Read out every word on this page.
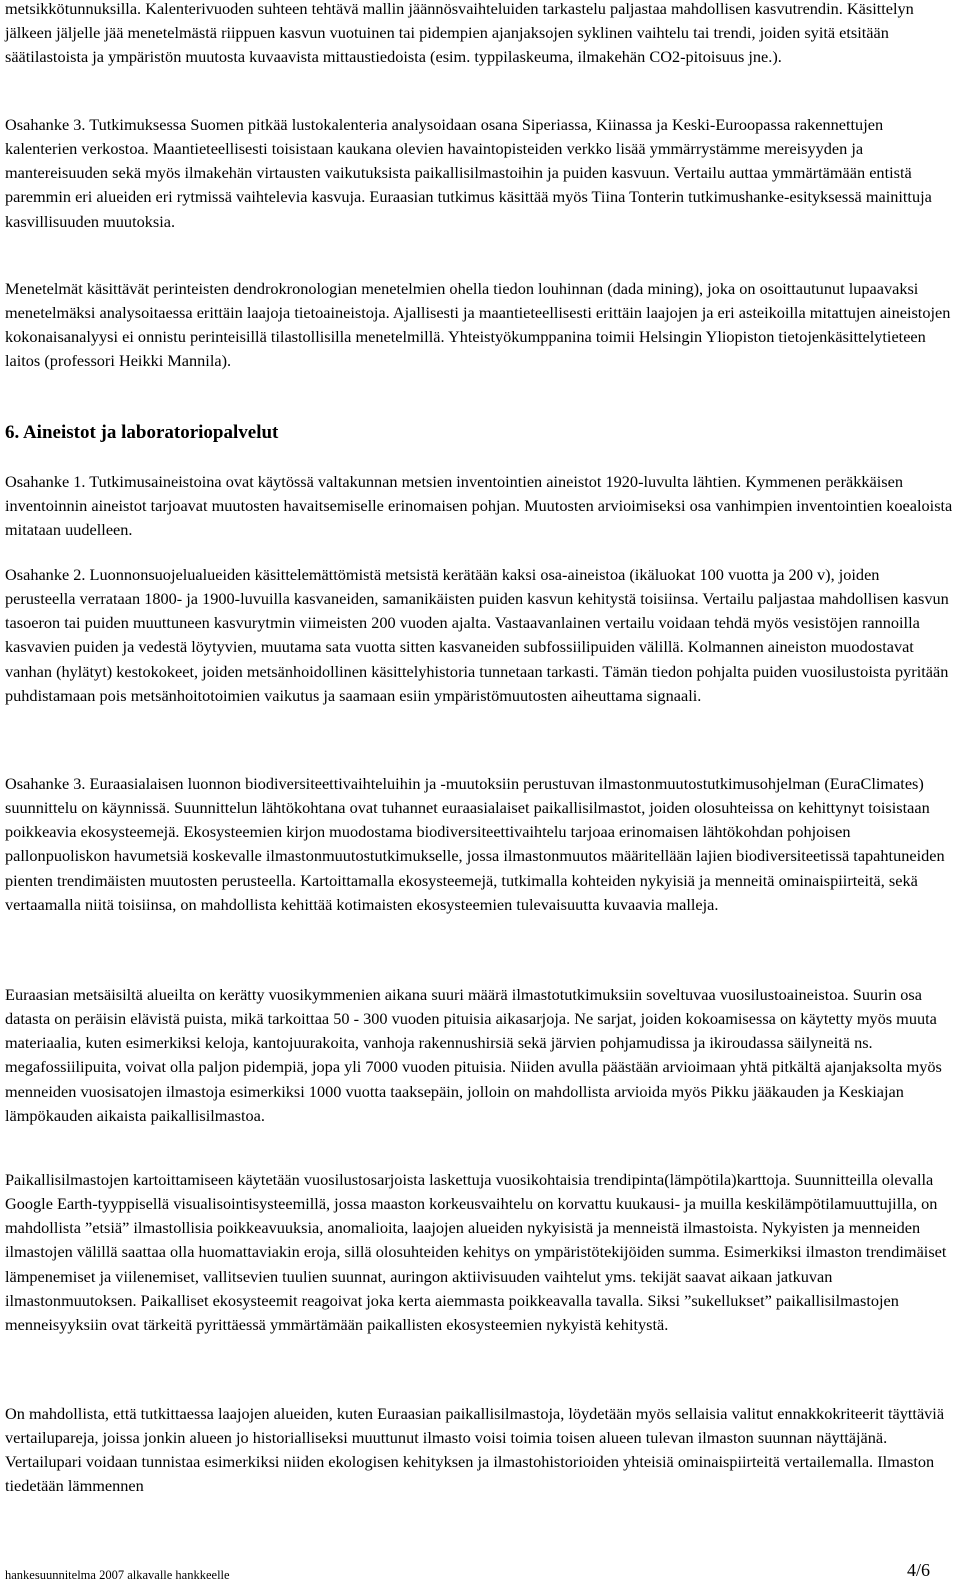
metsikkötunnuksilla. Kalenterivuoden suhteen tehtävä mallin jäännösvaihteluiden tarkastelu paljastaa mahdollisen kasvutrendin. Käsittelyn jälkeen jäljelle jää menetelmästä riippuen kasvun vuotuinen tai pidempien ajanjaksojen syklinen vaihtelu tai trendi, joiden syitä etsitään säätilastoista ja ympäristön muutosta kuvaavista mittaustiedoista (esim. typpilaskeuma, ilmakehän CO2-pitoisuus jne.).

Osahanke 3. Tutkimuksessa Suomen pitkää lustokalenteria analysoidaan osana Siperiassa, Kiinassa ja Keski-Euroopassa rakennettujen kalenterien verkostoa. Maantieteellisesti toisistaan kaukana olevien havaintopisteiden verkko lisää ymmärrystämme mereisyyden ja mantereisuuden sekä myös ilmakehän virtausten vaikutuksista paikallisilmastoihin ja puiden kasvuun. Vertailu auttaa ymmärtämään entistä paremmin eri alueiden eri rytmissä vaihtelevia kasvuja. Euraasian tutkimus käsittää myös Tiina Tonterin tutkimushanke-esityksessä mainittuja kasvillisuuden muutoksia.

Menetelmät käsittävät perinteisten dendrokronologian menetelmien ohella tiedon louhinnan (dada mining), joka on osoittautunut lupaavaksi menetelmäksi analysoitaessa erittäin laajoja tietoaineistoja. Ajallisesti ja maantieteellisesti erittäin laajojen ja eri asteikoilla mitattujen aineistojen kokonaisanalyysi ei onnistu perinteisillä tilastollisilla menetelmillä. Yhteistyökumppanina toimii Helsingin Yliopiston tietojenkäsittelytieteen laitos (professori Heikki Mannila).

6. Aineistot ja laboratoriopalvelut

Osahanke 1. Tutkimusaineistoina ovat käytössä valtakunnan metsien inventointien aineistot 1920-luvulta lähtien. Kymmenen peräkkäisen inventoinnin aineistot tarjoavat muutosten havaitsemiselle erinomaisen pohjan. Muutosten arvioimiseksi osa vanhimpien inventointien koealoista mitataan uudelleen.

Osahanke 2. Luonnonsuojelualueiden käsittelemättömistä metsistä kerätään kaksi osa-aineistoa (ikäluokat 100 vuotta ja 200 v), joiden perusteella verrataan 1800- ja 1900-luvuilla kasvaneiden, samanikäisten puiden kasvun kehitystä toisiinsa. Vertailu paljastaa mahdollisen kasvun tasoeron tai puiden muuttuneen kasvurytmin viimeisten 200 vuoden ajalta. Vastaavanlainen vertailu voidaan tehdä myös vesistöjen rannoilla kasvavien puiden ja vedestä löytyvien, muutama sata vuotta sitten kasvaneiden subfossiilipuiden välillä. Kolmannen aineiston muodostavat vanhan (hylätyt) kestokokeet, joiden metsänhoidollinen käsittelyhistoria tunnetaan tarkasti. Tämän tiedon pohjalta puiden vuosilustoista pyritään puhdistamaan pois metsänhoitotoimien vaikutus ja saamaan esiin ympäristömuutosten aiheuttama signaali.

Osahanke 3. Euraasialaisen luonnon biodiversiteettivaihteluihin ja -muutoksiin perustuvan ilmastonmuutostutkimusohjelman (EuraClimates) suunnittelu on käynnissä. Suunnittelun lähtökohtana ovat tuhannet euraasialaiset paikallisilmastot, joiden olosuhteissa on kehittynyt toisistaan poikkeavia ekosysteemejä. Ekosysteemien kirjon muodostama biodiversiteettivaihtelu tarjoaa erinomaisen lähtökohdan pohjoisen pallonpuoliskon havumetsiä koskevalle ilmastonmuutostutkimukselle, jossa ilmastonmuutos määritellään lajien biodiversiteetissä tapahtuneiden pienten trendimäisten muutosten perusteella. Kartoittamalla ekosysteemejä, tutkimalla kohteiden nykyisiä ja menneitä ominaispiirteitä, sekä vertaamalla niitä toisiinsa, on mahdollista kehittää kotimaisten ekosysteemien tulevaisuutta kuvaavia malleja.

Euraasian metsäisiltä alueilta on kerätty vuosikymmenien aikana suuri määrä ilmastotutkimuksiin soveltuvaa vuosilustoaineistoa. Suurin osa datasta on peräisin elävistä puista, mikä tarkoittaa 50 - 300 vuoden pituisia aikasarjoja. Ne sarjat, joiden kokoamisessa on käytetty myös muuta materiaalia, kuten esimerkiksi keloja, kantojuurakoita, vanhoja rakennushirsiä sekä järvien pohjamudissa ja ikiroudassa säilyneitä ns. megafossiilipuita, voivat olla paljon pidempiä, jopa yli 7000 vuoden pituisia. Niiden avulla päästään arvioimaan yhtä pitkältä ajanjaksolta myös menneiden vuosisatojen ilmastoja esimerkiksi 1000 vuotta taaksepäin, jolloin on mahdollista arvioida myös Pikku jääkauden ja Keskiajan lämpökauden aikaista paikallisilmastoa.

Paikallisilmastojen kartoittamiseen käytetään vuosilustosarjoista laskettuja vuosikohtaisia trendipinta(lämpötila)karttoja. Suunnitteilla olevalla Google Earth-tyyppisellä visualisointisysteemillä, jossa maaston korkeusvaihtelu on korvattu kuukausi- ja muilla keskilämpötilamuuttujilla, on mahdollista ”etsiä” ilmastollisia poikkeavuuksia, anomalioita, laajojen alueiden nykyisistä ja menneistä ilmastoista. Nykyisten ja menneiden ilmastojen välillä saattaa olla huomattaviakin eroja, sillä olosuhteiden kehitys on ympäristötekijöiden summa. Esimerkiksi ilmaston trendimäiset lämpenemiset ja viilenemiset, vallitsevien tuulien suunnat, auringon aktiivisuuden vaihtelut yms. tekijät saavat aikaan jatkuvan ilmastonmuutoksen. Paikalliset ekosysteemit reagoivat joka kerta aiemmasta poikkeavalla tavalla. Siksi ”sukellukset” paikallisilmastojen menneisyyksiin ovat tärkeitä pyrittäessä ymmärtämään paikallisten ekosysteemien nykyistä kehitystä.

On mahdollista, että tutkittaessa laajojen alueiden, kuten Euraasian paikallisilmastoja, löydetään myös sellaisia valitut ennakkokriteerit täyttäviä vertailupareja, joissa jonkin alueen jo historialliseksi muuttunut ilmasto voisi toimia toisen alueen tulevan ilmaston suunnan näyttäjänä. Vertailupari voidaan tunnistaa esimerkiksi niiden ekologisen kehityksen ja ilmastohistorioiden yhteisiä ominaispiirteitä vertailemalla. Ilmaston tiedetään lämmennen

hankesuunnitelma 2007 alkavalle hankkeelle	4/6
